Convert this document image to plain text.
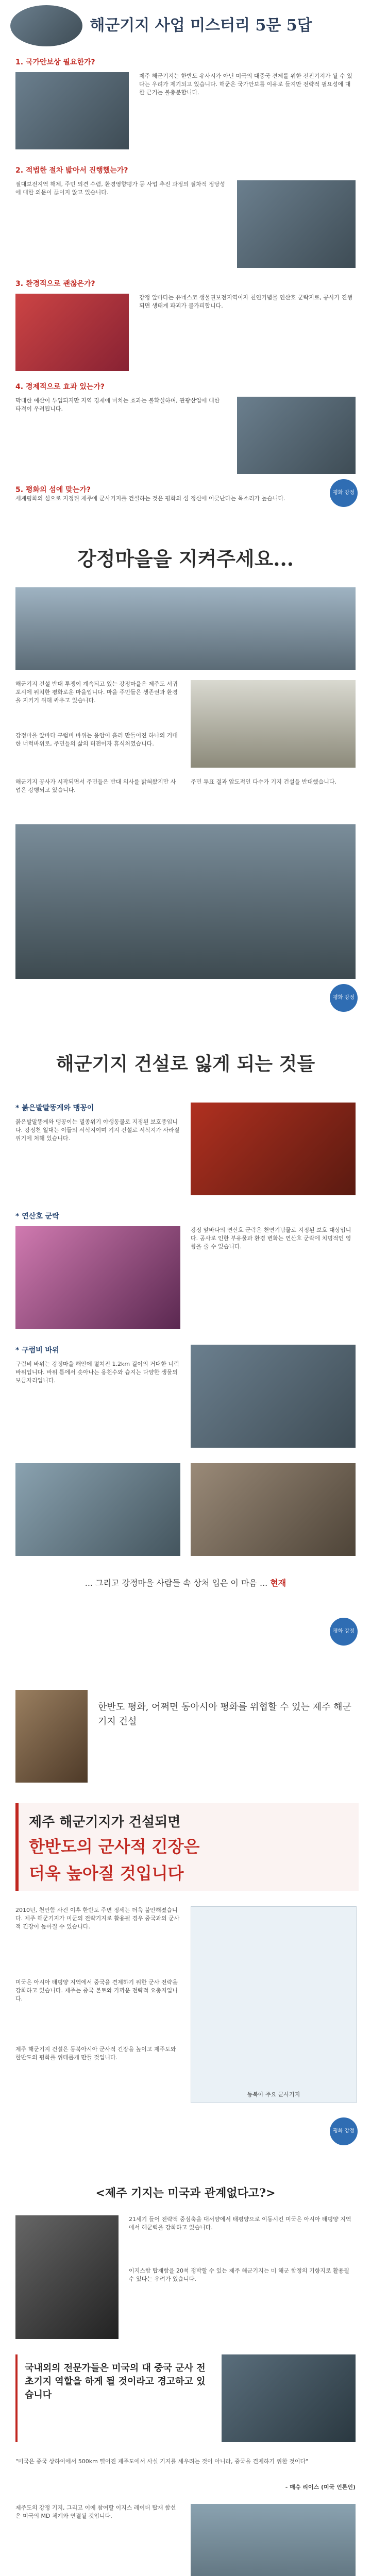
해군기지 사업 미스터리 5문 5답
1. 국가안보상 필요한가?
제주 해군기지는 한반도 유사시가 아닌 미국의 대중국 견제를 위한 전진기지가 될 수 있다는 우려가 제기되고 있습니다. 해군은 국가안보를 이유로 들지만 전략적 필요성에 대한 근거는 불충분합니다.
2. 적법한 절차 밟아서 진행했는가?
절대보전지역 해제, 주민 의견 수렴, 환경영향평가 등 사업 추진 과정의 절차적 정당성에 대한 의문이 끊이지 않고 있습니다.
3. 환경적으로 괜찮은가?
강정 앞바다는 유네스코 생물권보전지역이자 천연기념물 연산호 군락지로, 공사가 진행되면 생태계 파괴가 불가피합니다.
4. 경제적으로 효과 있는가?
막대한 예산이 투입되지만 지역 경제에 미치는 효과는 불확실하며, 관광산업에 대한 타격이 우려됩니다.
5. 평화의 섬에 맞는가?
세계평화의 섬으로 지정된 제주에 군사기지를 건설하는 것은 평화의 섬 정신에 어긋난다는 목소리가 높습니다.
평화 강정
강정마을을 지켜주세요...
해군기지 건설 반대 투쟁이 계속되고 있는 강정마을은 제주도 서귀포시에 위치한 평화로운 마을입니다. 마을 주민들은 생존권과 환경을 지키기 위해 싸우고 있습니다.
강정마을 앞바다 구럼비 바위는 용암이 흘러 만들어진 하나의 거대한 너럭바위로, 주민들의 삶의 터전이자 휴식처였습니다.
해군기지 공사가 시작되면서 주민들은 반대 의사를 밝혀왔지만 사업은 강행되고 있습니다.
주민 투표 결과 압도적인 다수가 기지 건설을 반대했습니다.
평화 강정
해군기지 건설로 잃게 되는 것들
* 붉은발말똥게와 맹꽁이
붉은발말똥게와 맹꽁이는 멸종위기 야생동물로 지정된 보호종입니다. 강정천 일대는 이들의 서식지이며 기지 건설로 서식지가 사라질 위기에 처해 있습니다.
* 연산호 군락
강정 앞바다의 연산호 군락은 천연기념물로 지정된 보호 대상입니다. 공사로 인한 부유물과 환경 변화는 연산호 군락에 치명적인 영향을 줄 수 있습니다.
* 구럼비 바위
구럼비 바위는 강정마을 해안에 펼쳐진 1.2km 길이의 거대한 너럭바위입니다. 바위 틈에서 솟아나는 용천수와 습지는 다양한 생물의 보금자리입니다.
... 그리고 강정마을 사람들 속 상처 입은 이 마음 ... 현재
평화 강정
한반도 평화, 어쩌면 동아시아 평화를 위협할 수 있는 제주 해군기지 건설
제주 해군기지가 건설되면
한반도의 군사적 긴장은
더욱 높아질 것입니다
2010년, 천안함 사건 이후 한반도 주변 정세는 더욱 불안해졌습니다. 제주 해군기지가 미군의 전략기지로 활용될 경우 중국과의 군사적 긴장이 높아질 수 있습니다.
동북아 주요 군사기지
미국은 아시아 태평양 지역에서 중국을 견제하기 위한 군사 전략을 강화하고 있습니다. 제주는 중국 본토와 가까운 전략적 요충지입니다.
제주 해군기지 건설은 동북아시아 군사적 긴장을 높이고 제주도와 한반도의 평화를 위태롭게 만들 것입니다.
평화 강정
<제주 기지는 미국과 관계없다고?>
21세기 들어 전략적 중심축을 대서양에서 태평양으로 이동시킨 미국은 아시아 태평양 지역에서 해군력을 강화하고 있습니다.
이지스함 탑재함을 20척 정박할 수 있는 제주 해군기지는 미 해군 함정의 기항지로 활용될 수 있다는 우려가 있습니다.
국내외의 전문가들은 미국의 대 중국 군사 전초기지 역할을 하게 될 것이라고 경고하고 있습니다
"미국은 중국 상하이에서 500km 떨어진 제주도에서 사실 기지를 세우려는 것이 아니라, 중국을 견제하기 위한 것이다"
- 매슈 리이스 (미국 언론인)
제주도의 강정 기지, 그리고 이에 참여할 이지스 레이더 탑재 함선은 미국의 MD 체계와 연결될 것입니다.
